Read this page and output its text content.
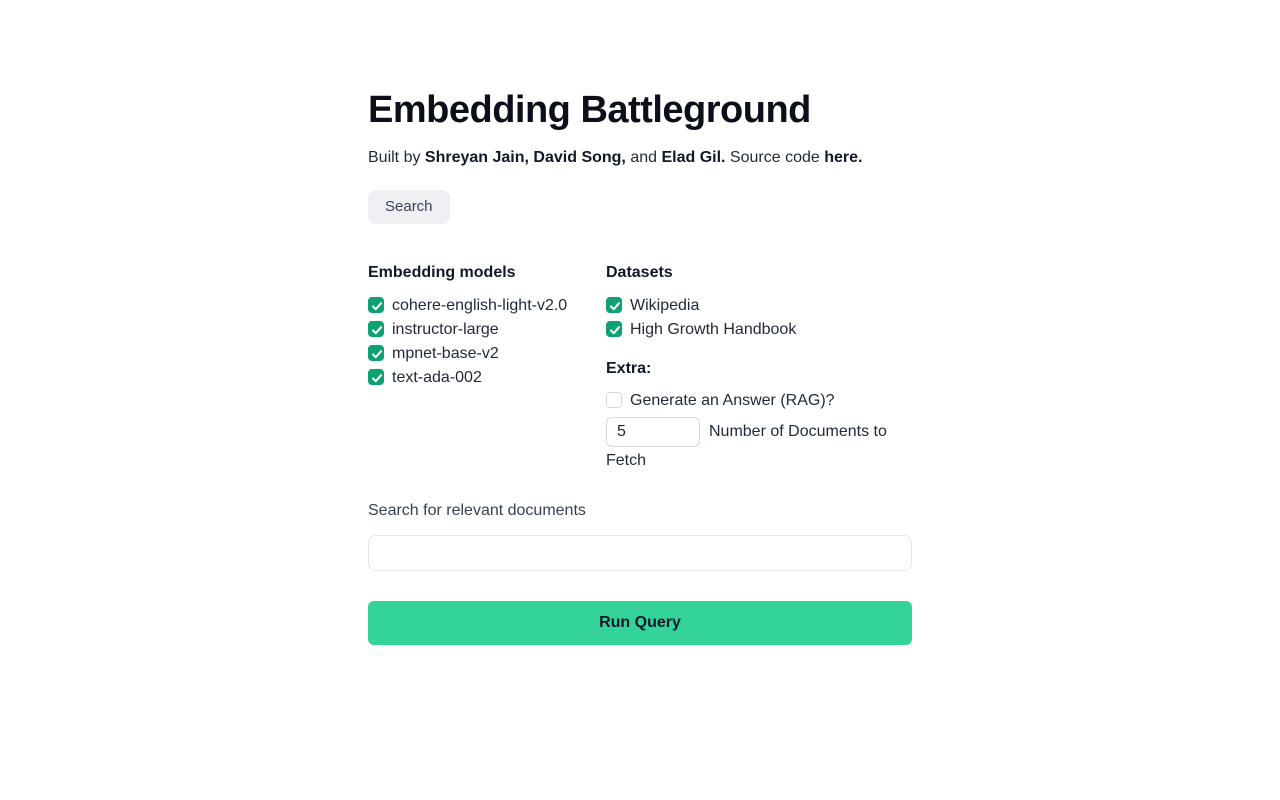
Embedding Battleground

Built by Shreyan Jain, David Song, and Elad Gil. Source code here.

Search
Embedding models
cohere-english-light-v2.0
instructor-large
mpnet-base-v2
text-ada-002
Datasets
Wikipedia
High Growth Handbook
Extra:
Generate an Answer (RAG)?
5Number of Documents to Fetch
Search for relevant documents
Run Query
